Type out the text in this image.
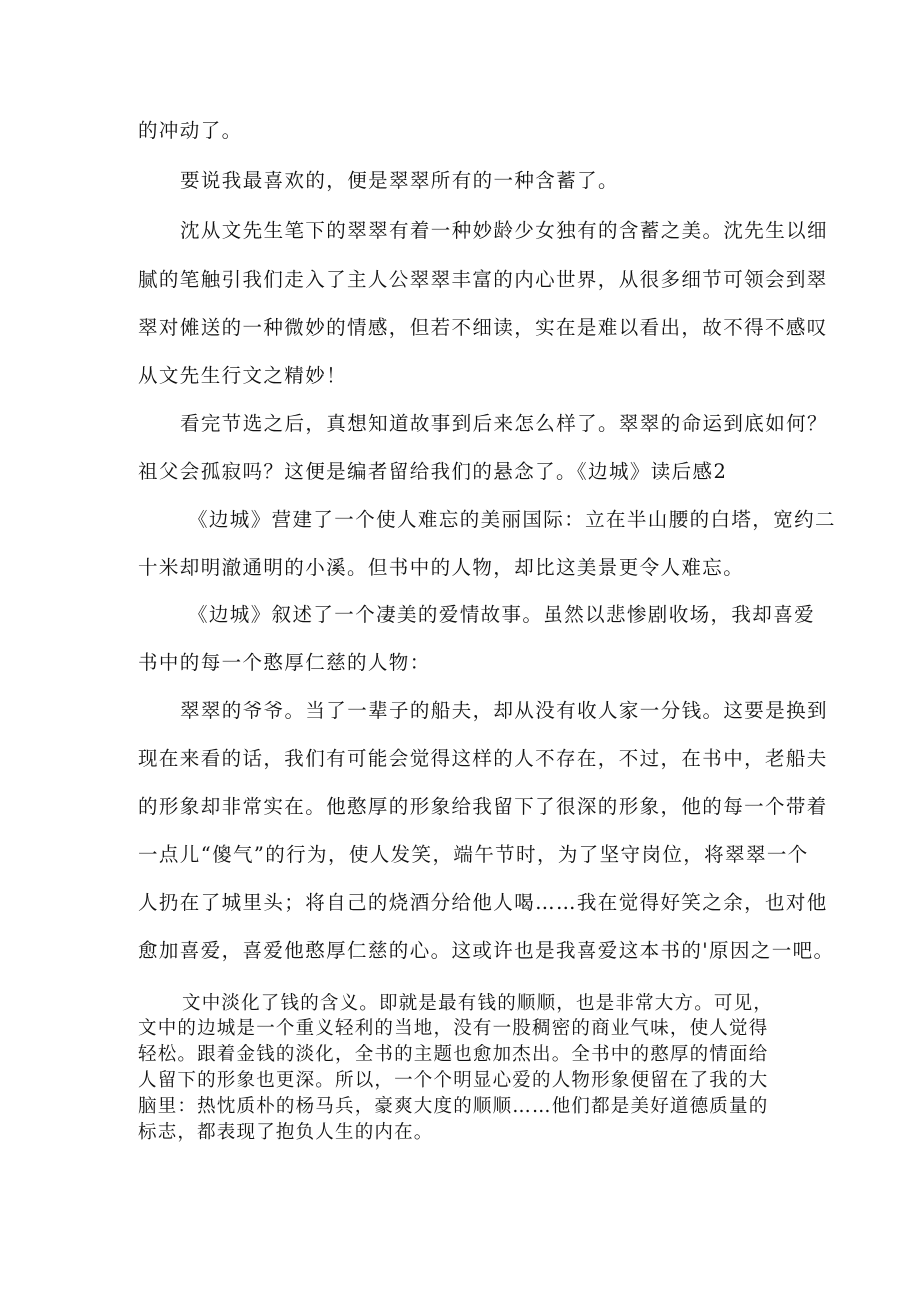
的冲动了。
要说我最喜欢的，便是翠翠所有的一种含蓄了。
沈从文先生笔下的翠翠有着一种妙龄少女独有的含蓄之美。沈先生以细
腻的笔触引我们走入了主人公翠翠丰富的内心世界，从很多细节可领会到翠
翠对傩送的一种微妙的情感，但若不细读，实在是难以看出，故不得不感叹
从文先生行文之精妙！
看完节选之后，真想知道故事到后来怎么样了。翠翠的命运到底如何？
祖父会孤寂吗？这便是编者留给我们的悬念了。《边城》读后感2
《边城》营建了一个使人难忘的美丽国际：立在半山腰的白塔，宽约二
十米却明澈通明的小溪。但书中的人物，却比这美景更令人难忘。
《边城》叙述了一个凄美的爱情故事。虽然以悲惨剧收场，我却喜爱
书中的每一个憨厚仁慈的人物：
翠翠的爷爷。当了一辈子的船夫，却从没有收人家一分钱。这要是换到
现在来看的话，我们有可能会觉得这样的人不存在，不过，在书中，老船夫
的形象却非常实在。他憨厚的形象给我留下了很深的形象，他的每一个带着
一点儿“傻气”的行为，使人发笑，端午节时，为了坚守岗位，将翠翠一个
人扔在了城里头；将自己的烧酒分给他人喝……我在觉得好笑之余，也对他
愈加喜爱，喜爱他憨厚仁慈的心。这或许也是我喜爱这本书的'原因之一吧。
文中淡化了钱的含义。即就是最有钱的顺顺，也是非常大方。可见，
文中的边城是一个重义轻利的当地，没有一股稠密的商业气味，使人觉得
轻松。跟着金钱的淡化，全书的主题也愈加杰出。全书中的憨厚的情面给
人留下的形象也更深。所以，一个个明显心爱的人物形象便留在了我的大
脑里：热忱质朴的杨马兵，豪爽大度的顺顺……他们都是美好道德质量的
标志，都表现了抱负人生的内在。
